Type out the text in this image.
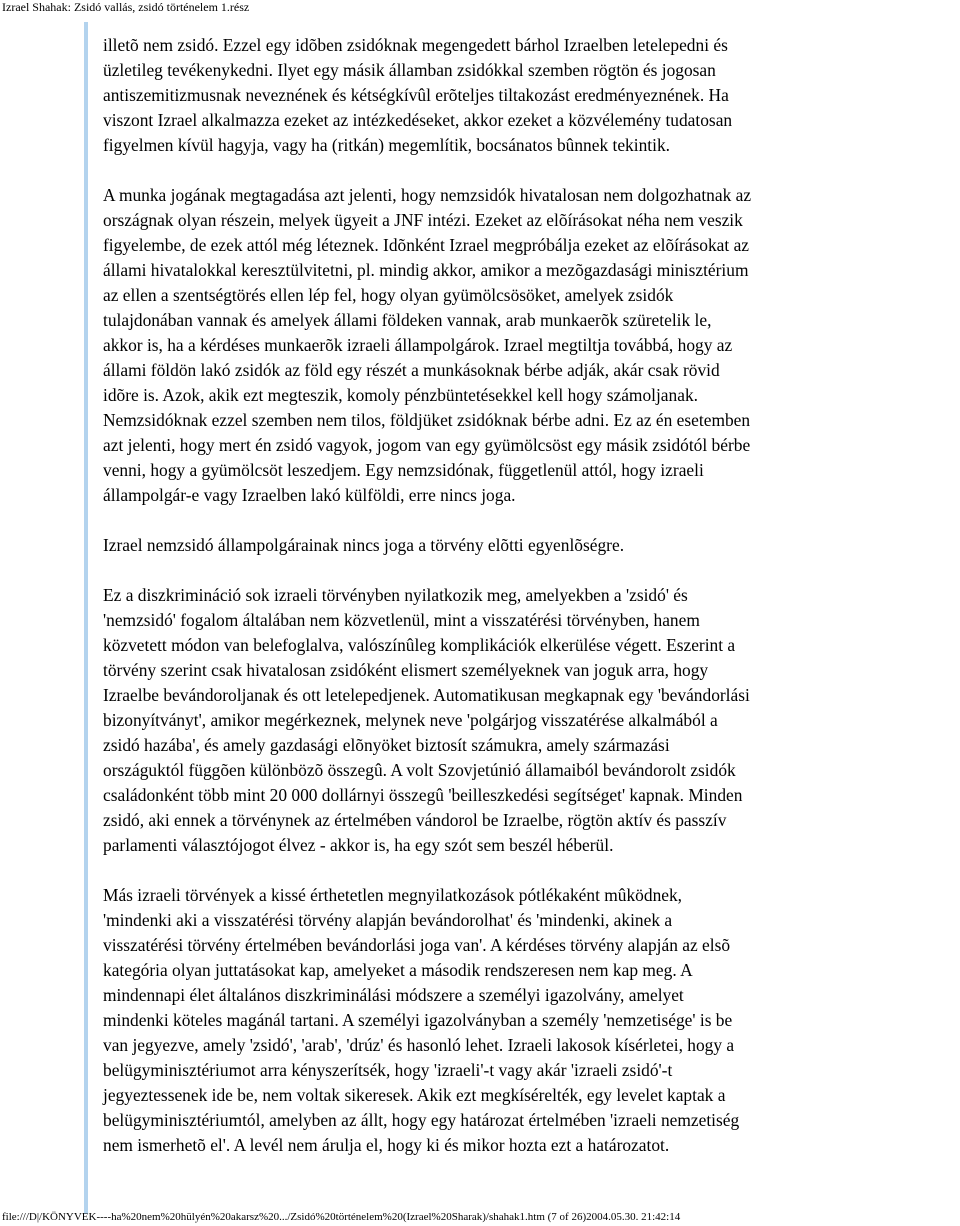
Izrael Shahak: Zsidó vallás, zsidó történelem 1.rész

illetõ nem zsidó. Ezzel egy idõben zsidóknak megengedett bárhol Izraelben letelepedni és
üzletileg tevékenykedni. Ilyet egy másik államban zsidókkal szemben rögtön és jogosan
antiszemitizmusnak neveznének és kétségkívûl erõteljes tiltakozást eredményeznének. Ha
viszont Izrael alkalmazza ezeket az intézkedéseket, akkor ezeket a közvélemény tudatosan
figyelmen kívül hagyja, vagy ha (ritkán) megemlítik, bocsánatos bûnnek tekintik.

A munka jogának megtagadása azt jelenti, hogy nemzsidók hivatalosan nem dolgozhatnak az
országnak olyan részein, melyek ügyeit a JNF intézi. Ezeket az elõírásokat néha nem veszik
figyelembe, de ezek attól még léteznek. Idõnként Izrael megpróbálja ezeket az elõírásokat az
állami hivatalokkal keresztülvitetni, pl. mindig akkor, amikor a mezõgazdasági minisztérium
az ellen a szentségtörés ellen lép fel, hogy olyan gyümölcsösöket, amelyek zsidók
tulajdonában vannak és amelyek állami földeken vannak, arab munkaerõk szüretelik le,
akkor is, ha a kérdéses munkaerõk izraeli állampolgárok. Izrael megtiltja továbbá, hogy az
állami földön lakó zsidók az föld egy részét a munkásoknak bérbe adják, akár csak rövid
idõre is. Azok, akik ezt megteszik, komoly pénzbüntetésekkel kell hogy számoljanak.
Nemzsidóknak ezzel szemben nem tilos, földjüket zsidóknak bérbe adni. Ez az én esetemben
azt jelenti, hogy mert én zsidó vagyok, jogom van egy gyümölcsöst egy másik zsidótól bérbe
venni, hogy a gyümölcsöt leszedjem. Egy nemzsidónak, függetlenül attól, hogy izraeli
állampolgár-e vagy Izraelben lakó külföldi, erre nincs joga.

Izrael nemzsidó állampolgárainak nincs joga a törvény elõtti egyenlõségre.

Ez a diszkrimináció sok izraeli törvényben nyilatkozik meg, amelyekben a 'zsidó' és
'nemzsidó' fogalom általában nem közvetlenül, mint a visszatérési törvényben, hanem
közvetett módon van belefoglalva, valószínûleg komplikációk elkerülése végett. Eszerint a
törvény szerint csak hivatalosan zsidóként elismert személyeknek van joguk arra, hogy
Izraelbe bevándoroljanak és ott letelepedjenek. Automatikusan megkapnak egy 'bevándorlási
bizonyítványt', amikor megérkeznek, melynek neve 'polgárjog visszatérése alkalmából a
zsidó hazába', és amely gazdasági elõnyöket biztosít számukra, amely származási
országuktól függõen különbözõ összegû. A volt Szovjetúnió államaiból bevándorolt zsidók
családonként több mint 20 000 dollárnyi összegû 'beilleszkedési segítséget' kapnak. Minden
zsidó, aki ennek a törvénynek az értelmében vándorol be Izraelbe, rögtön aktív és passzív
parlamenti választójogot élvez - akkor is, ha egy szót sem beszél héberül.

Más izraeli törvények a kissé érthetetlen megnyilatkozások pótlékaként mûködnek,
'mindenki aki a visszatérési törvény alapján bevándorolhat' és 'mindenki, akinek a
visszatérési törvény értelmében bevándorlási joga van'. A kérdéses törvény alapján az elsõ
kategória olyan juttatásokat kap, amelyeket a második rendszeresen nem kap meg. A
mindennapi élet általános diszkriminálási módszere a személyi igazolvány, amelyet
mindenki köteles magánál tartani. A személyi igazolványban a személy 'nemzetisége' is be
van jegyezve, amely 'zsidó', 'arab', 'drúz' és hasonló lehet. Izraeli lakosok kísérletei, hogy a
belügyminisztériumot arra kényszerítsék, hogy 'izraeli'-t vagy akár 'izraeli zsidó'-t
jegyeztessenek ide be, nem voltak sikeresek. Akik ezt megkísérelték, egy levelet kaptak a
belügyminisztériumtól, amelyben az állt, hogy egy határozat értelmében 'izraeli nemzetiség
nem ismerhetõ el'. A levél nem árulja el, hogy ki és mikor hozta ezt a határozatot.

file:///D|/KÖNYVEK----ha%20nem%20hülyén%20akarsz%20.../Zsidó%20történelem%20(Izrael%20Sharak)/shahak1.htm (7 of 26)2004.05.30. 21:42:14
